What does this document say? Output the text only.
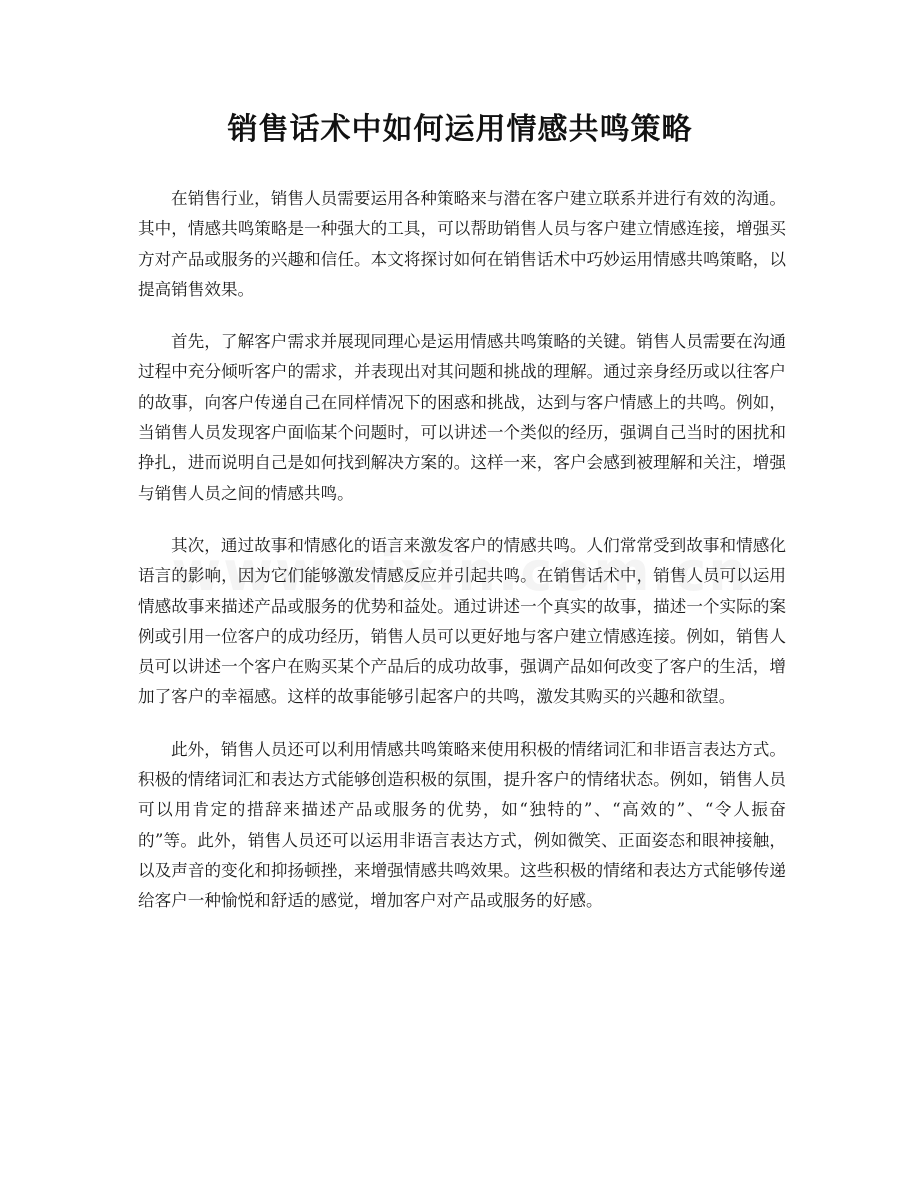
销售话术中如何运用情感共鸣策略

在销售行业，销售人员需要运用各种策略来与潜在客户建立联系并进行有效的沟通。其中，情感共鸣策略是一种强大的工具，可以帮助销售人员与客户建立情感连接，增强买方对产品或服务的兴趣和信任。本文将探讨如何在销售话术中巧妙运用情感共鸣策略，以提高销售效果。

首先，了解客户需求并展现同理心是运用情感共鸣策略的关键。销售人员需要在沟通过程中充分倾听客户的需求，并表现出对其问题和挑战的理解。通过亲身经历或以往客户的故事，向客户传递自己在同样情况下的困惑和挑战，达到与客户情感上的共鸣。例如，当销售人员发现客户面临某个问题时，可以讲述一个类似的经历，强调自己当时的困扰和挣扎，进而说明自己是如何找到解决方案的。这样一来，客户会感到被理解和关注，增强与销售人员之间的情感共鸣。

其次，通过故事和情感化的语言来激发客户的情感共鸣。人们常常受到故事和情感化语言的影响，因为它们能够激发情感反应并引起共鸣。在销售话术中，销售人员可以运用情感故事来描述产品或服务的优势和益处。通过讲述一个真实的故事，描述一个实际的案例或引用一位客户的成功经历，销售人员可以更好地与客户建立情感连接。例如，销售人员可以讲述一个客户在购买某个产品后的成功故事，强调产品如何改变了客户的生活，增加了客户的幸福感。这样的故事能够引起客户的共鸣，激发其购买的兴趣和欲望。

此外，销售人员还可以利用情感共鸣策略来使用积极的情绪词汇和非语言表达方式。积极的情绪词汇和表达方式能够创造积极的氛围，提升客户的情绪状态。例如，销售人员可以用肯定的措辞来描述产品或服务的优势，如“独特的”、“高效的”、“令人振奋的”等。此外，销售人员还可以运用非语言表达方式，例如微笑、正面姿态和眼神接触，以及声音的变化和抑扬顿挫，来增强情感共鸣效果。这些积极的情绪和表达方式能够传递给客户一种愉悦和舒适的感觉，增加客户对产品或服务的好感。
